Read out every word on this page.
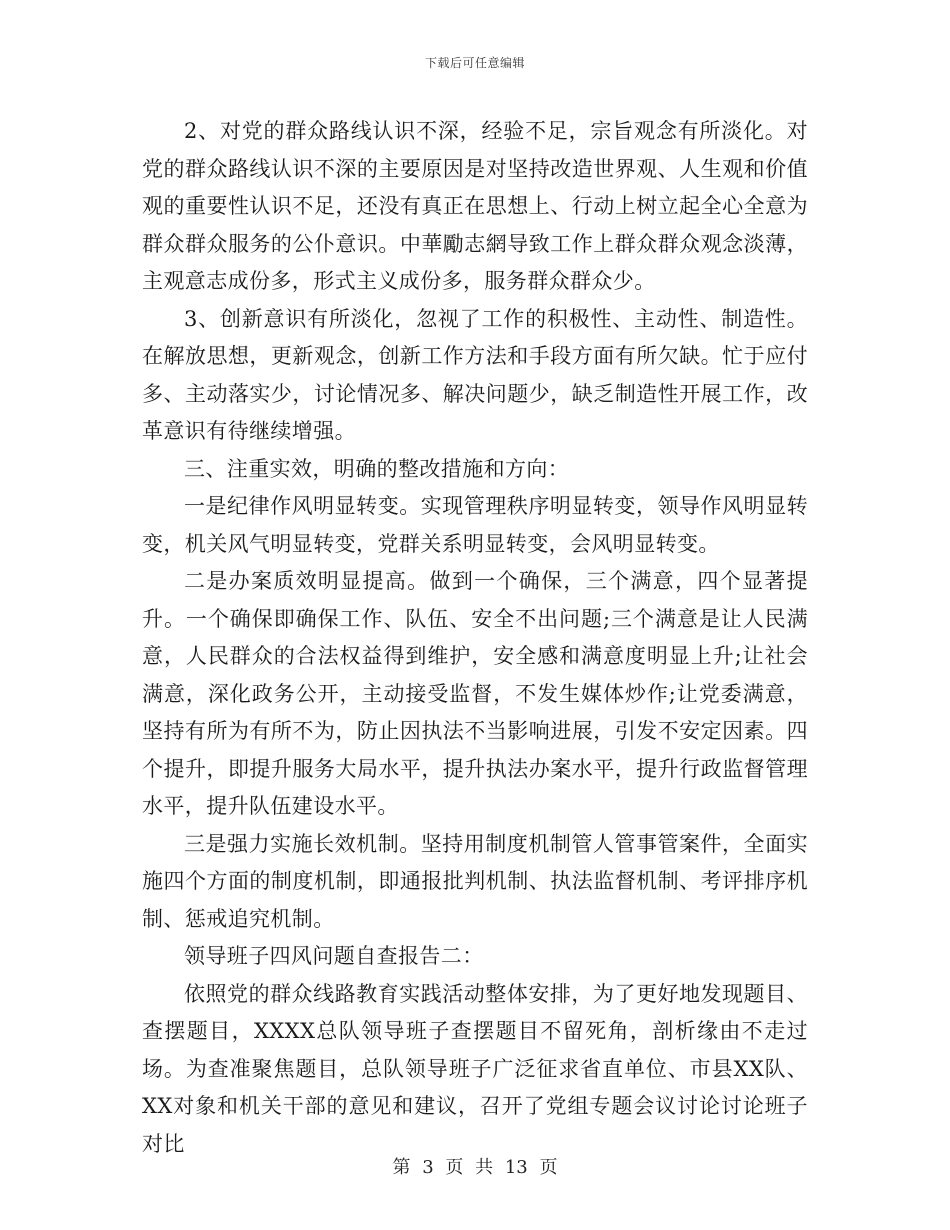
下载后可任意编辑

2、对党的群众路线认识不深，经验不足，宗旨观念有所淡化。对党的群众路线认识不深的主要原因是对坚持改造世界观、人生观和价值观的重要性认识不足，还没有真正在思想上、行动上树立起全心全意为群众群众服务的公仆意识。中華勵志網导致工作上群众群众观念淡薄，主观意志成份多，形式主义成份多，服务群众群众少。

3、创新意识有所淡化，忽视了工作的积极性、主动性、制造性。在解放思想，更新观念，创新工作方法和手段方面有所欠缺。忙于应付多、主动落实少，讨论情况多、解决问题少，缺乏制造性开展工作，改革意识有待继续增强。

三、注重实效，明确的整改措施和方向：

一是纪律作风明显转变。实现管理秩序明显转变，领导作风明显转变，机关风气明显转变，党群关系明显转变，会风明显转变。

二是办案质效明显提高。做到一个确保，三个满意，四个显著提升。一个确保即确保工作、队伍、安全不出问题;三个满意是让人民满意，人民群众的合法权益得到维护，安全感和满意度明显上升;让社会满意，深化政务公开，主动接受监督，不发生媒体炒作;让党委满意，坚持有所为有所不为，防止因执法不当影响进展，引发不安定因素。四个提升，即提升服务大局水平，提升执法办案水平，提升行政监督管理水平，提升队伍建设水平。

三是强力实施长效机制。坚持用制度机制管人管事管案件，全面实施四个方面的制度机制，即通报批判机制、执法监督机制、考评排序机制、惩戒追究机制。

领导班子四风问题自查报告二：

依照党的群众线路教育实践活动整体安排，为了更好地发现题目、查摆题目，XXXX总队领导班子查摆题目不留死角，剖析缘由不走过场。为查准聚焦题目，总队领导班子广泛征求省直单位、市县XX队、XX对象和机关干部的意见和建议，召开了党组专题会议讨论讨论班子对比

第 3 页 共 13 页
